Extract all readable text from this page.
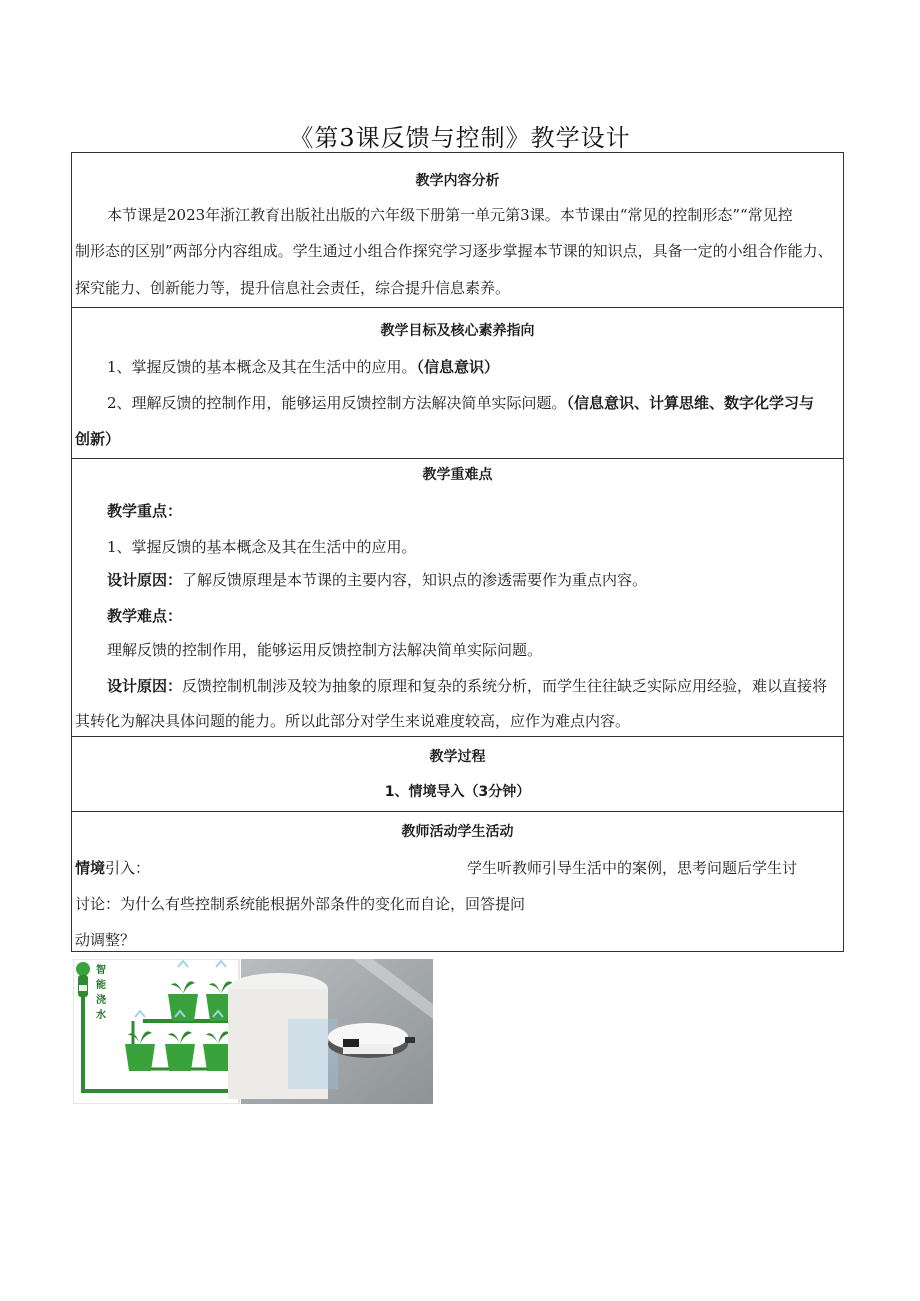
《第3课反馈与控制》教学设计
教学内容分析
本节课是2023年浙江教育出版社出版的六年级下册第一单元第3课。本节课由“常见的控制形态”“常见控
制形态的区别”两部分内容组成。学生通过小组合作探究学习逐步掌握本节课的知识点，具备一定的小组合作能力、
探究能力、创新能力等，提升信息社会责任，综合提升信息素养。
教学目标及核心素养指向
1、掌握反馈的基本概念及其在生活中的应用。（信息意识）
2、理解反馈的控制作用，能够运用反馈控制方法解决简单实际问题。（信息意识、计算思维、数字化学习与
创新）
教学重难点
教学重点：
1、掌握反馈的基本概念及其在生活中的应用。
设计原因：了解反馈原理是本节课的主要内容，知识点的渗透需要作为重点内容。
教学难点：
理解反馈的控制作用，能够运用反馈控制方法解决简单实际问题。
设计原因：反馈控制机制涉及较为抽象的原理和复杂的系统分析，而学生往往缺乏实际应用经验，难以直接将
其转化为解决具体问题的能力。所以此部分对学生来说难度较高，应作为难点内容。
教学过程
1、情境导入（3分钟）
教师活动学生活动
情境引入：	学生听教师引导生活中的案例，思考问题后学生讨
讨论：为什么有些控制系统能根据外部条件的变化而自论，回答提问
动调整？
智
能
浇
水
